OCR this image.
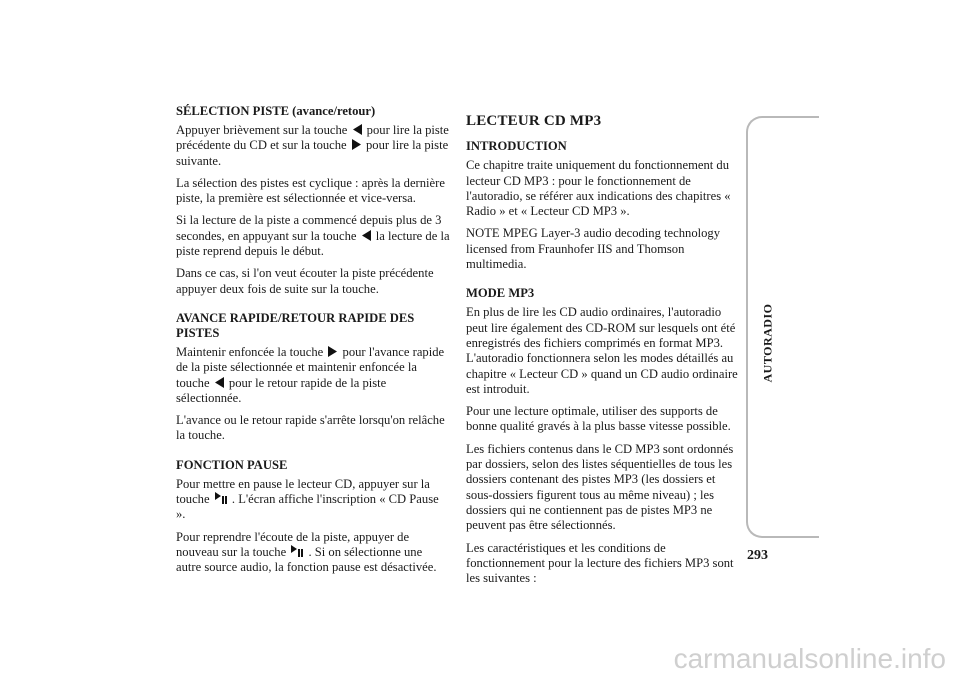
SÉLECTION PISTE (avance/retour)

Appuyer brièvement sur la touche pour lire la piste précédente du CD et sur la touche pour lire la piste suivante.

La sélection des pistes est cyclique : après la dernière piste, la première est sélectionnée et vice-versa.

Si la lecture de la piste a commencé depuis plus de 3 secondes, en appuyant sur la touche la lecture de la piste reprend depuis le début.

Dans ce cas, si l'on veut écouter la piste précédente appuyer deux fois de suite sur la touche.

AVANCE RAPIDE/RETOUR RAPIDE DES PISTES

Maintenir enfoncée la touche pour l'avance rapide de la piste sélectionnée et maintenir enfoncée la touche pour le retour rapide de la piste sélectionnée.

L'avance ou le retour rapide s'arrête lorsqu'on relâche la touche.

FONCTION PAUSE

Pour mettre en pause le lecteur CD, appuyer sur la touche . L'écran affiche l'inscription « CD Pause ».

Pour reprendre l'écoute de la piste, appuyer de nouveau sur la touche . Si on sélectionne une autre source audio, la fonction pause est désactivée.

LECTEUR CD MP3
INTRODUCTION

Ce chapitre traite uniquement du fonctionnement du lecteur CD MP3 : pour le fonctionnement de l'autoradio, se référer aux indications des chapitres « Radio » et « Lecteur CD MP3 ».

NOTE MPEG Layer-3 audio decoding technology licensed from Fraunhofer IIS and Thomson multimedia.

MODE MP3

En plus de lire les CD audio ordinaires, l'autoradio peut lire également des CD-ROM sur lesquels ont été enregistrés des fichiers comprimés en format MP3. L'autoradio fonctionnera selon les modes détaillés au chapitre « Lecteur CD » quand un CD audio ordinaire est introduit.

Pour une lecture optimale, utiliser des supports de bonne qualité gravés à la plus basse vitesse possible.

Les fichiers contenus dans le CD MP3 sont ordonnés par dossiers, selon des listes séquentielles de tous les dossiers contenant des pistes MP3 (les dossiers et sous-dossiers figurent tous au même niveau) ; les dossiers qui ne contiennent pas de pistes MP3 ne peuvent pas être sélectionnés.

Les caractéristiques et les conditions de fonctionnement pour la lecture des fichiers MP3 sont les suivantes :

AUTORADIO
293
carmanualsonline.info
